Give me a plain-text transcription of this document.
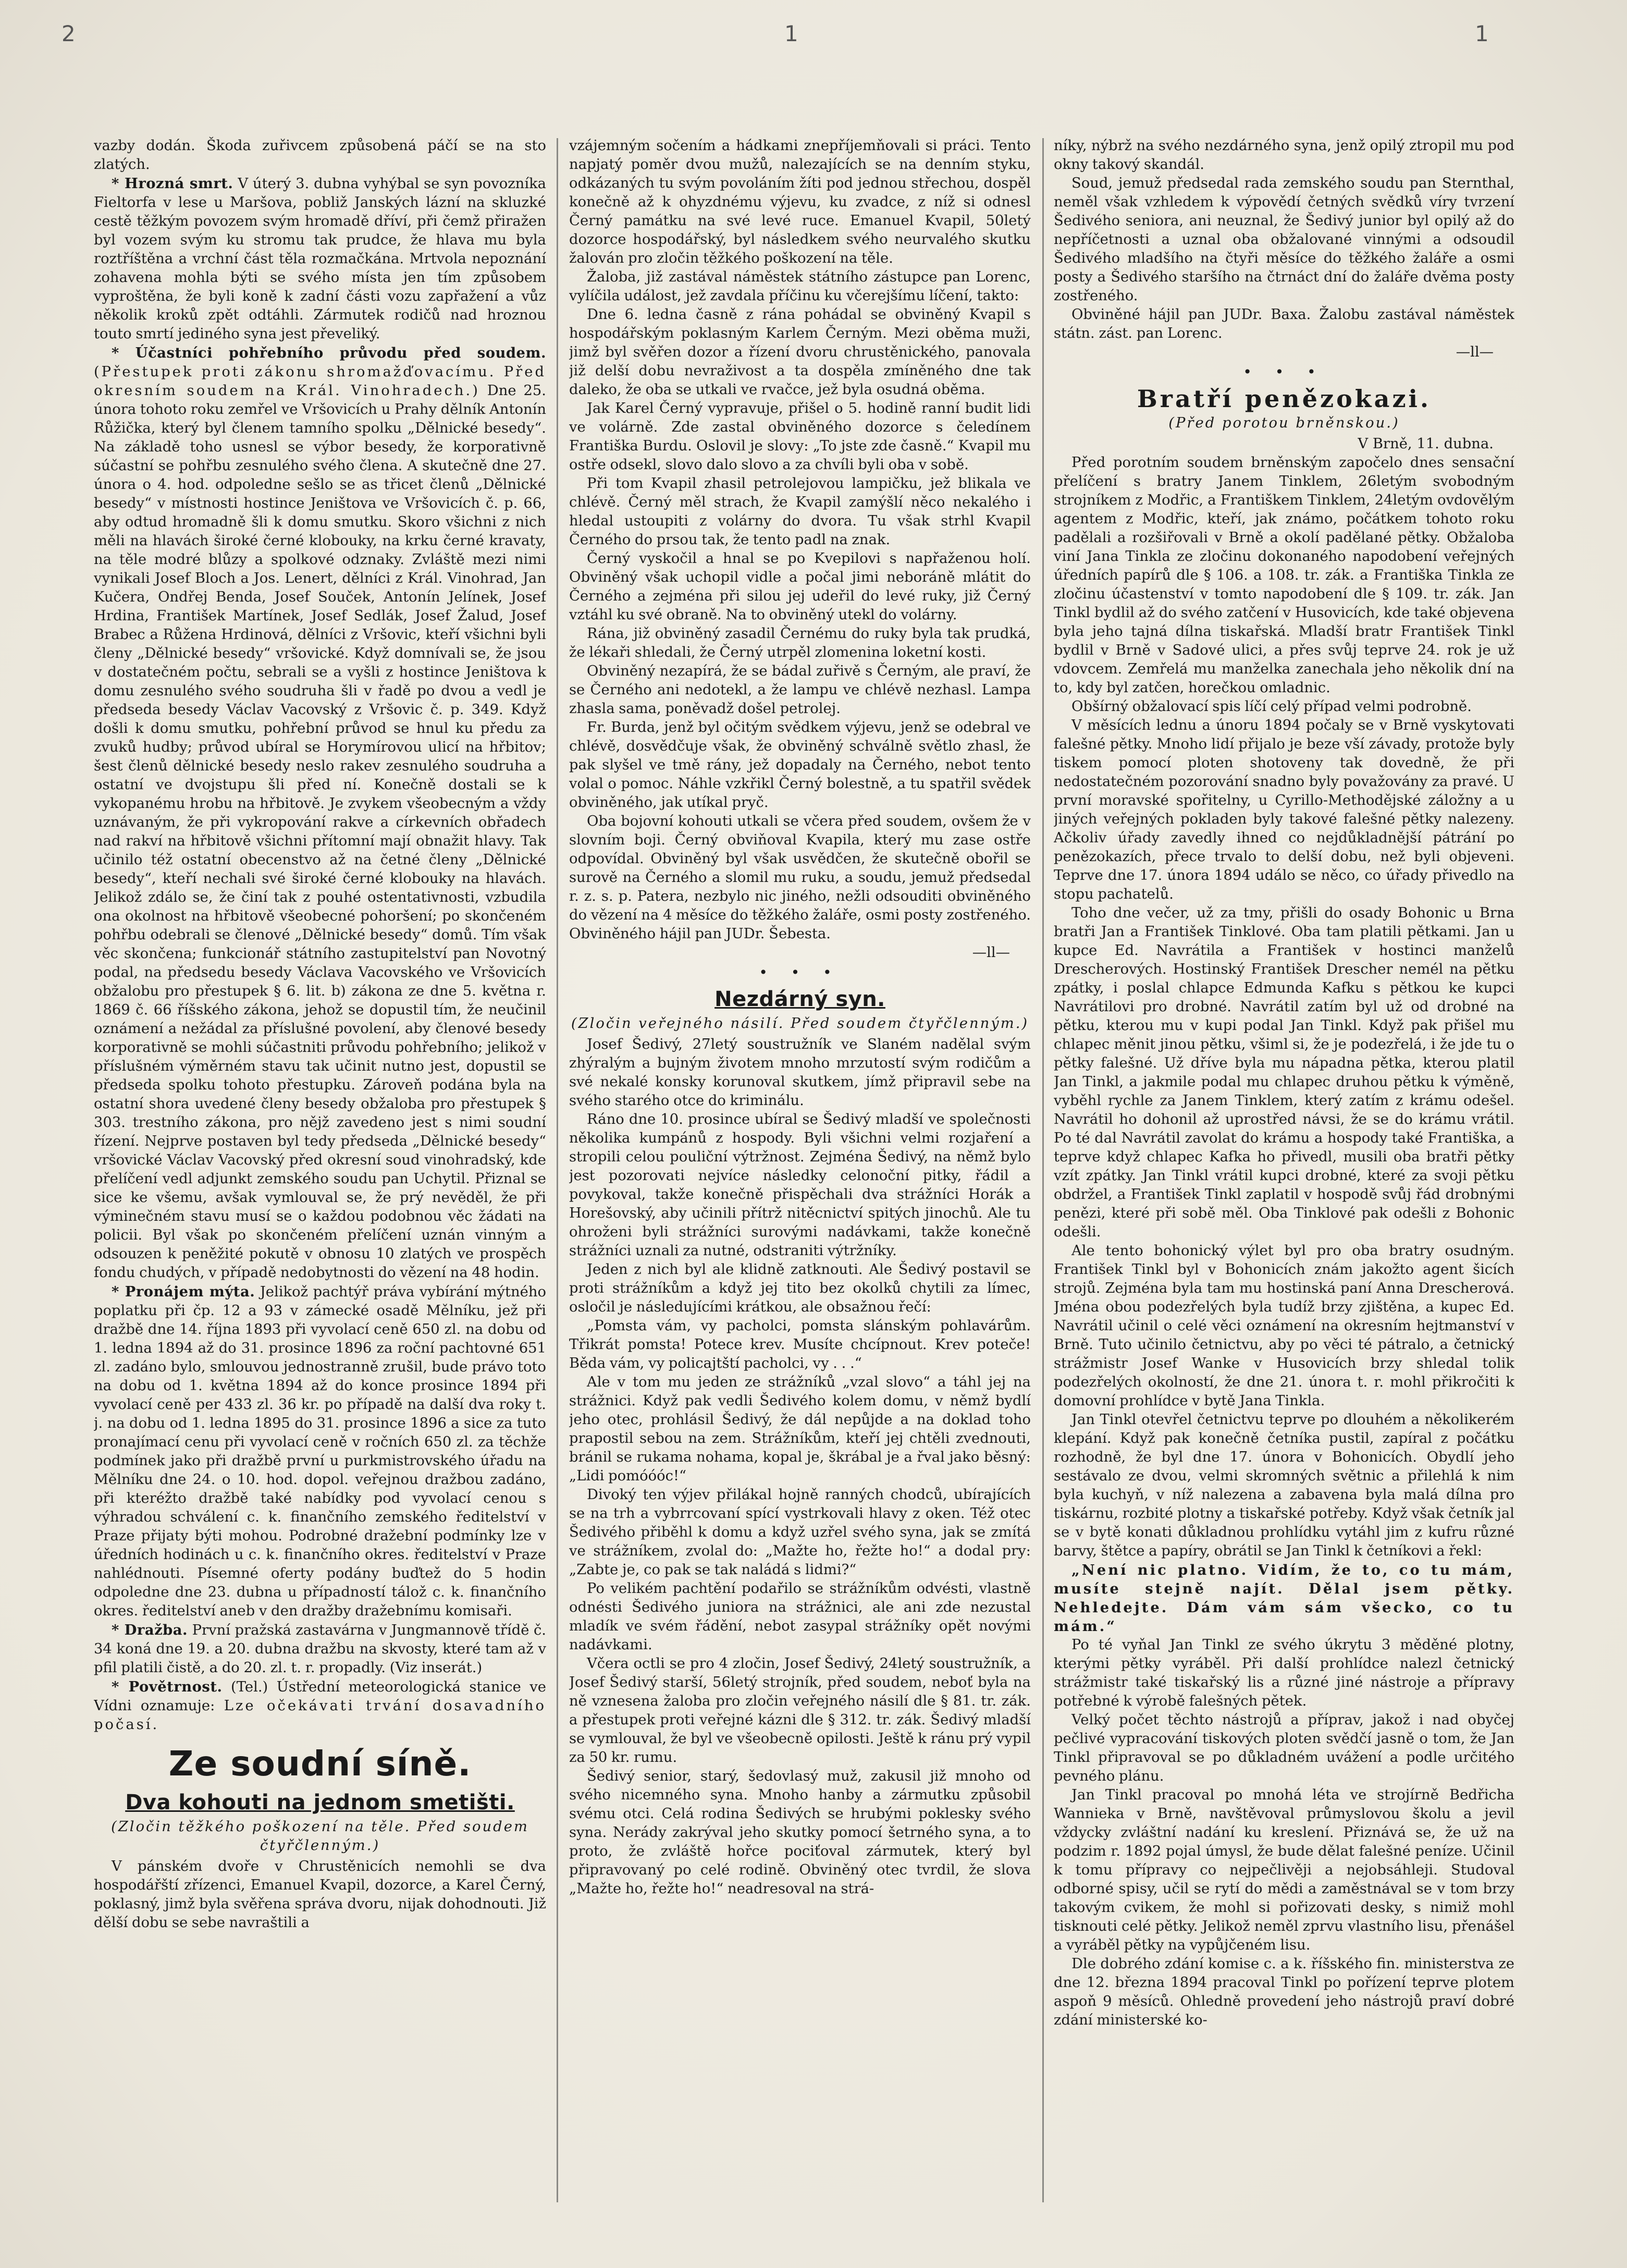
2	1	1

vazby dodán. Škoda zuřivcem způsobená páčí se na sto zlatých.

* Hrozná smrt. V úterý 3. dubna vyhýbal se syn povozníka Fieltorfa v lese u Maršova, pobliž Janských lázní na skluzké cestě těžkým povozem svým hromadě dříví, při čemž přiražen byl vozem svým ku stromu tak prudce, že hlava mu byla roztříštěna a vrchní část těla rozmačkána. Mrtvola nepoznání zohavena mohla býti se svého místa jen tím způsobem vyproštěna, že byli koně k zadní části vozu zapřažení a vůz několik kroků zpět odtáhli. Zármutek rodičů nad hroznou touto smrtí jediného syna jest převeliký.

* Účastníci pohřebního průvodu před soudem. (Přestupek proti zákonu shromažďovacímu. Před okresním soudem na Král. Vinohradech.) Dne 25. února tohoto roku zemřel ve Vršovicích u Prahy dělník Antonín Růžička, který byl členem tamního spolku „Dělnické besedy“. Na základě toho usnesl se výbor besedy, že korporativně súčastní se pohřbu zesnulého svého člena. A skutečně dne 27. února o 4. hod. odpoledne sešlo se as třicet členů „Dělnické besedy“ v místnosti hostince Jeništova ve Vršovicích č. p. 66, aby odtud hromadně šli k domu smutku. Skoro všichni z nich měli na hlavách široké černé klobouky, na krku černé kravaty, na těle modré blůzy a spolkové odznaky. Zvláště mezi nimi vynikali Josef Bloch a Jos. Lenert, dělníci z Král. Vinohrad, Jan Kučera, Ondřej Benda, Josef Souček, Antonín Jelínek, Josef Hrdina, František Martínek, Josef Sedlák, Josef Žalud, Josef Brabec a Růžena Hrdinová, dělníci z Vršovic, kteří všichni byli členy „Dělnické besedy“ vršovické. Když domnívali se, že jsou v dostatečném počtu, sebrali se a vyšli z hostince Jeništova k domu zesnulého svého soudruha šli v řadě po dvou a vedl je předseda besedy Václav Vacovský z Vršovic č. p. 349. Když došli k domu smutku, pohřební průvod se hnul ku předu za zvuků hudby; průvod ubíral se Horymírovou ulicí na hřbitov; šest členů dělnické besedy neslo rakev zesnulého soudruha a ostatní ve dvojstupu šli před ní. Konečně dostali se k vykopanému hrobu na hřbitově. Je zvykem všeobecným a vždy uznávaným, že při vykropování rakve a církevních obřadech nad rakví na hřbitově všichni přítomní mají obnažit hlavy. Tak učinilo též ostatní obecenstvo až na četné členy „Dělnické besedy“, kteří nechali své široké černé klobouky na hlavách. Jelikož zdálo se, že činí tak z pouhé ostentativnosti, vzbudila ona okolnost na hřbitově všeobecné pohoršení; po skončeném pohřbu odebrali se členové „Dělnické besedy“ domů. Tím však věc skončena; funkcionář státního zastupitelství pan Novotný podal, na předsedu besedy Václava Vacovského ve Vršovicích obžalobu pro přestupek § 6. lit. b) zákona ze dne 5. května r. 1869 č. 66 říšského zákona, jehož se dopustil tím, že neučinil oznámení a nežádal za příslušné povolení, aby členové besedy korporativně se mohli súčastniti průvodu pohřebního; jelikož v příslušném výměrném stavu tak učinit nutno jest, dopustil se předseda spolku tohoto přestupku. Zároveň podána byla na ostatní shora uvedené členy besedy obžaloba pro přestupek § 303. trestního zákona, pro nějž zavedeno jest s nimi soudní řízení. Nejprve postaven byl tedy předseda „Dělnické besedy“ vršovické Václav Vacovský před okresní soud vinohradský, kde přelíčení vedl adjunkt zemského soudu pan Uchytil. Přiznal se sice ke všemu, avšak vymlouval se, že prý nevěděl, že při výminečném stavu musí se o každou podobnou věc žádati na policii. Byl však po skončeném přelíčení uznán vinným a odsouzen k peněžité pokutě v obnosu 10 zlatých ve prospěch fondu chudých, v případě nedobytnosti do vězení na 48 hodin.

* Pronájem mýta. Jelikož pachtýř práva vybírání mýtného poplatku při čp. 12 a 93 v zámecké osadě Mělníku, jež při dražbě dne 14. října 1893 při vyvolací ceně 650 zl. na dobu od 1. ledna 1894 až do 31. prosince 1896 za roční pachtovné 651 zl. zadáno bylo, smlouvou jednostranně zrušil, bude právo toto na dobu od 1. května 1894 až do konce prosince 1894 při vyvolací ceně per 433 zl. 36 kr. po případě na další dva roky t. j. na dobu od 1. ledna 1895 do 31. prosince 1896 a sice za tuto pronajímací cenu při vyvolací ceně v ročních 650 zl. za těchže podmínek jako při dražbě první u purkmistrovského úřadu na Mělníku dne 24. o 10. hod. dopol. veřejnou dražbou zadáno, při kteréžto dražbě také nabídky pod vyvolací cenou s výhradou schválení c. k. finančního zemského ředitelství v Praze přijaty býti mohou. Podrobné dražební podmínky lze v úředních hodinách u c. k. finančního okres. ředitelství v Praze nahlédnouti. Písemné oferty podány buďtež do 5 hodin odpoledne dne 23. dubna u případností tálož c. k. finančního okres. ředitelství aneb v den dražby dražebnímu komisaři.

* Dražba. První pražská zastavárna v Jungmannově třídě č. 34 koná dne 19. a 20. dubna dražbu na skvosty, které tam až v pfil platili čistě, a do 20. zl. t. r. propadly. (Viz inserát.)

* Povětrnost. (Tel.) Ústřední meteorologická stanice ve Vídni oznamuje: Lze očekávati trvání dosavadního počasí.

Ze soudní síně.
Dva kohouti na jednom smetišti.
(Zločin těžkého poškození na těle. Před soudem čtyřčlenným.)

V pánském dvoře v Chrustěnicích nemohli se dva hospodářští zřízenci, Emanuel Kvapil, dozorce, a Karel Černý, poklasný, jimž byla svěřena správa dvoru, nijak dohodnouti. Již dělší dobu se sebe navraštili a

vzájemným sočením a hádkami znepříjemňovali si práci. Tento napjatý poměr dvou mužů, nalezajících se na denním styku, odkázaných tu svým povoláním žíti pod jednou střechou, dospěl konečně až k ohyzdnému výjevu, ku zvadce, z níž si odnesl Černý památku na své levé ruce. Emanuel Kvapil, 50letý dozorce hospodářský, byl následkem svého neurvalého skutku žalován pro zločin těžkého poškození na těle.

Žaloba, již zastával náměstek státního zástupce pan Lorenc, vylíčila událost, jež zavdala příčinu ku včerejšímu líčení, takto:

Dne 6. ledna časně z rána pohádal se obviněný Kvapil s hospodářským poklasným Karlem Černým. Mezi oběma muži, jimž byl svěřen dozor a řízení dvoru chrustěnického, panovala již delší dobu nevraživost a ta dospěla zmíněného dne tak daleko, že oba se utkali ve rvačce, jež byla osudná oběma.

Jak Karel Černý vypravuje, přišel o 5. hodině ranní budit lidi ve volárně. Zde zastal obviněného dozorce s čeledínem Františka Burdu. Oslovil je slovy: „To jste zde časně.“ Kvapil mu ostře odsekl, slovo dalo slovo a za chvíli byli oba v sobě.

Při tom Kvapil zhasil petrolejovou lampičku, jež blikala ve chlévě. Černý měl strach, že Kvapil zamýšlí něco nekalého i hledal ustoupiti z volárny do dvora. Tu však strhl Kvapil Černého do prsou tak, že tento padl na znak.

Černý vyskočil a hnal se po Kvepilovi s napřaženou holí. Obviněný však uchopil vidle a počal jimi neboráně mlátit do Černého a zejména při silou jej udeřil do levé ruky, již Černý vztáhl ku své obraně. Na to obviněný utekl do volárny.

Rána, již obviněný zasadil Černému do ruky byla tak prudká, že lékaři shledali, že Černý utrpěl zlomenina loketní kosti.

Obviněný nezapírá, že se bádal zuřivě s Černým, ale praví, že se Černého ani nedotekl, a že lampu ve chlévě nezhasl. Lampa zhasla sama, poněvadž došel petrolej.

Fr. Burda, jenž byl očitým svědkem výjevu, jenž se odebral ve chlévě, dosvědčuje však, že obviněný schválně světlo zhasl, že pak slyšel ve tmě rány, jež dopadaly na Černého, nebot tento volal o pomoc. Náhle vzkřikl Černý bolestně, a tu spatřil svědek obviněného, jak utíkal pryč.

Oba bojovní kohouti utkali se včera před soudem, ovšem že v slovním boji. Černý obviňoval Kvapila, který mu zase ostře odpovídal. Obviněný byl však usvědčen, že skutečně obořil se surově na Černého a slomil mu ruku, a soudu, jemuž předsedal r. z. s. p. Patera, nezbylo nic jiného, nežli odsouditi obviněného do vězení na 4 měsíce do těžkého žaláře, osmi posty zostřeného. Obviněného hájil pan JUDr. Šebesta.

—ll—
• • •
Nezdárný syn.
(Zločin veřejného násilí. Před soudem čtyřčlenným.)

Josef Šedivý, 27letý soustružník ve Slaném nadělal svým zhýralým a bujným životem mnoho mrzutostí svým rodičům a své nekalé konsky korunoval skutkem, jímž připravil sebe na svého starého otce do kriminálu.

Ráno dne 10. prosince ubíral se Šedivý mladší ve společnosti několika kumpánů z hospody. Byli všichni velmi rozjaření a stropili celou pouliční výtržnost. Zejména Šedivý, na němž bylo jest pozorovati nejvíce následky celonoční pitky, řádil a povykoval, takže konečně přispěchali dva strážníci Horák a Horešovský, aby učinili přítrž nitěcnictví spitých jinochů. Ale tu ohroženi byli strážníci surovými nadávkami, takže konečně strážníci uznali za nutné, odstraniti výtržníky.

Jeden z nich byl ale klidně zatknouti. Ale Šedivý postavil se proti strážníkům a když jej tito bez okolků chytili za límec, osločil je následujícími krátkou, ale obsažnou řečí:

„Pomsta vám, vy pacholci, pomsta slánským pohlavárům. Třikrát pomsta! Potece krev. Musíte chcípnout. Krev poteče! Běda vám, vy policajtští pacholci, vy . . .“

Ale v tom mu jeden ze strážníků „vzal slovo“ a táhl jej na strážnici. Když pak vedli Šedivého kolem domu, v němž bydlí jeho otec, prohlásil Šedivý, že dál nepůjde a na doklad toho prapostil sebou na zem. Strážníkům, kteří jej chtěli zvednouti, bránil se rukama nohama, kopal je, škrábal je a řval jako běsný: „Lidi pomóóóc!“

Divoký ten výjev přilákal hojně ranných chodců, ubírajících se na trh a vybrrcovaní spící vystrkovali hlavy z oken. Též otec Šedivého přiběhl k domu a když uzřel svého syna, jak se zmítá ve strážníkem, zvolal do: „Mažte ho, řežte ho!“ a dodal pry: „Zabte je, co pak se tak naládá s lidmi?“

Po velikém pachtění podařilo se strážníkům odvésti, vlastně odnésti Šedivého juniora na strážnici, ale ani zde nezustal mladík ve svém řádění, nebot zasypal strážníky opět novými nadávkami.

Včera octli se pro 4 zločin, Josef Šedivý, 24letý soustružník, a Josef Šedivý starší, 56letý strojník, před soudem, neboť byla na ně vznesena žaloba pro zločin veřejného násilí dle § 81. tr. zák. a přestupek proti veřejné kázni dle § 312. tr. zák. Šedivý mladší se vymlouval, že byl ve všeobecně opilosti. Ještě k ránu prý vypil za 50 kr. rumu.

Šedivý senior, starý, šedovlasý muž, zakusil již mnoho od svého nicemného syna. Mnoho hanby a zármutku způsobil svému otci. Celá rodina Šedivých se hrubými poklesky svého syna. Nerády zakrýval jeho skutky pomocí šetrného syna, a to proto, že zvláště hořce pociťoval zármutek, který byl připravovaný po celé rodině. Obviněný otec tvrdil, že slova „Mažte ho, řežte ho!“ neadresoval na strá-

níky, nýbrž na svého nezdárného syna, jenž opilý ztropil mu pod okny takový skandál.

Soud, jemuž předsedal rada zemského soudu pan Sternthal, neměl však vzhledem k výpovědí četných svědků víry tvrzení Šedivého seniora, ani neuznal, že Šedivý junior byl opilý až do nepříčetnosti a uznal oba obžalované vinnými a odsoudil Šedivého mladšího na čtyři měsíce do těžkého žaláře a osmi posty a Šedivého staršího na čtrnáct dní do žaláře dvěma posty zostřeného.

Obviněné hájil pan JUDr. Baxa. Žalobu zastával náměstek státn. zást. pan Lorenc.

—ll—
• • •
Bratří penězokazi.
(Před porotou brněnskou.)
V Brně, 11. dubna.

Před porotním soudem brněnským započelo dnes sensační přelíčení s bratry Janem Tinklem, 26letým svobodným strojníkem z Modřic, a Františkem Tinklem, 24letým ovdovělým agentem z Modřic, kteří, jak známo, počátkem tohoto roku padělali a rozšiřovali v Brně a okolí padělané pětky. Obžaloba viní Jana Tinkla ze zločinu dokonaného napodobení veřejných úředních papírů dle § 106. a 108. tr. zák. a Františka Tinkla ze zločinu účastenství v tomto napodobení dle § 109. tr. zák. Jan Tinkl bydlil až do svého zatčení v Husovicích, kde také objevena byla jeho tajná dílna tiskařská. Mladší bratr František Tinkl bydlil v Brně v Sadové ulici, a přes svůj teprve 24. rok je už vdovcem. Zemřelá mu manželka zanechala jeho několik dní na to, kdy byl zatčen, horečkou omladnic.

Obšírný obžalovací spis líčí celý případ velmi podrobně.

V měsících lednu a únoru 1894 počaly se v Brně vyskytovati falešné pětky. Mnoho lidí přijalo je beze vší závady, protože byly tiskem pomocí ploten shotoveny tak dovedně, že při nedostatečném pozorování snadno byly považovány za pravé. U první moravské spořitelny, u Cyrillo-Methodějské záložny a u jiných veřejných pokladen byly takové falešné pětky nalezeny. Ačkoliv úřady zavedly ihned co nejdůkladnější pátrání po penězokazích, přece trvalo to delší dobu, než byli objeveni. Teprve dne 17. února 1894 událo se něco, co úřady přivedlo na stopu pachatelů.

Toho dne večer, už za tmy, přišli do osady Bohonic u Brna bratři Jan a František Tinklové. Oba tam platili pětkami. Jan u kupce Ed. Navrátila a František v hostinci manželů Drescherových. Hostinský František Drescher nemél na pětku zpátky, i poslal chlapce Edmunda Kafku s pětkou ke kupci Navrátilovi pro drobné. Navrátil zatím byl už od drobné na pětku, kterou mu v kupi podal Jan Tinkl. Když pak přišel mu chlapec měnit jinou pětku, všiml si, že je podezřelá, i že jde tu o pětky falešné. Už dříve byla mu nápadna pětka, kterou platil Jan Tinkl, a jakmile podal mu chlapec druhou pětku k výměně, vyběhl rychle za Janem Tinklem, který zatím z krámu odešel. Navrátil ho dohonil až uprostřed návsi, že se do krámu vrátil. Po té dal Navrátil zavolat do krámu a hospody také Františka, a teprve když chlapec Kafka ho přivedl, musili oba bratři pětky vzít zpátky. Jan Tinkl vrátil kupci drobné, které za svoji pětku obdržel, a František Tinkl zaplatil v hospodě svůj řád drobnými penězi, které při sobě měl. Oba Tinklové pak odešli z Bohonic odešli.

Ale tento bohonický výlet byl pro oba bratry osudným. František Tinkl byl v Bohonicích znám jakožto agent šicích strojů. Zejména byla tam mu hostinská paní Anna Drescherová. Jména obou podezřelých byla tudíž brzy zjištěna, a kupec Ed. Navrátil učinil o celé věci oznámení na okresním hejtmanství v Brně. Tuto učinilo četnictvu, aby po věci té pátralo, a četnický strážmistr Josef Wanke v Husovicích brzy shledal tolik podezřelých okolností, že dne 21. února t. r. mohl přikročiti k domovní prohlídce v bytě Jana Tinkla.

Jan Tinkl otevřel četnictvu teprve po dlouhém a několikerém klepání. Když pak konečně četníka pustil, zapíral z počátku rozhodně, že byl dne 17. února v Bohonicích. Obydlí jeho sestávalo ze dvou, velmi skromných světnic a přilehlá k nim byla kuchyň, v níž nalezena a zabavena byla malá dílna pro tiskárnu, rozbité plotny a tiskařské potřeby. Když však četník jal se v bytě konati důkladnou prohlídku vytáhl jim z kufru různé barvy, štětce a papíry, obrátil se Jan Tinkl k četníkovi a řekl:

„Není nic platno. Vidím, že to, co tu mám, musíte stejně najít. Dělal jsem pětky. Nehledejte. Dám vám sám všecko, co tu mám.“

Po té vyňal Jan Tinkl ze svého úkrytu 3 měděné plotny, kterými pětky vyráběl. Při další prohlídce nalezl četnický strážmistr také tiskařský lis a různé jiné nástroje a přípravy potřebné k výrobě falešných pětek.

Velký počet těchto nástrojů a příprav, jakož i nad obyčej pečlivé vypracování tiskových ploten svědčí jasně o tom, že Jan Tinkl připravoval se po důkladném uvážení a podle určitého pevného plánu.

Jan Tinkl pracoval po mnohá léta ve strojírně Bedřicha Wannieka v Brně, navštěvoval průmyslovou školu a jevil vždycky zvláštní nadání ku kreslení. Přiznává se, že už na podzim r. 1892 pojal úmysl, že bude dělat falešné peníze. Učinil k tomu přípravy co nejpečlivěji a nejobsáhleji. Studoval odborné spisy, učil se rytí do mědi a zaměstnával se v tom brzy takovým cvikem, že mohl si pořizovati desky, s nimiž mohl tisknouti celé pětky. Jelikož neměl zprvu vlastního lisu, přenášel a vyráběl pětky na vypůjčeném lisu.

Dle dobrého zdání komise c. a k. říšského fin. ministerstva ze dne 12. března 1894 pracoval Tinkl po pořízení teprve plotem aspoň 9 měsíců. Ohledně provedení jeho nástrojů praví dobré zdání ministerské ko-
